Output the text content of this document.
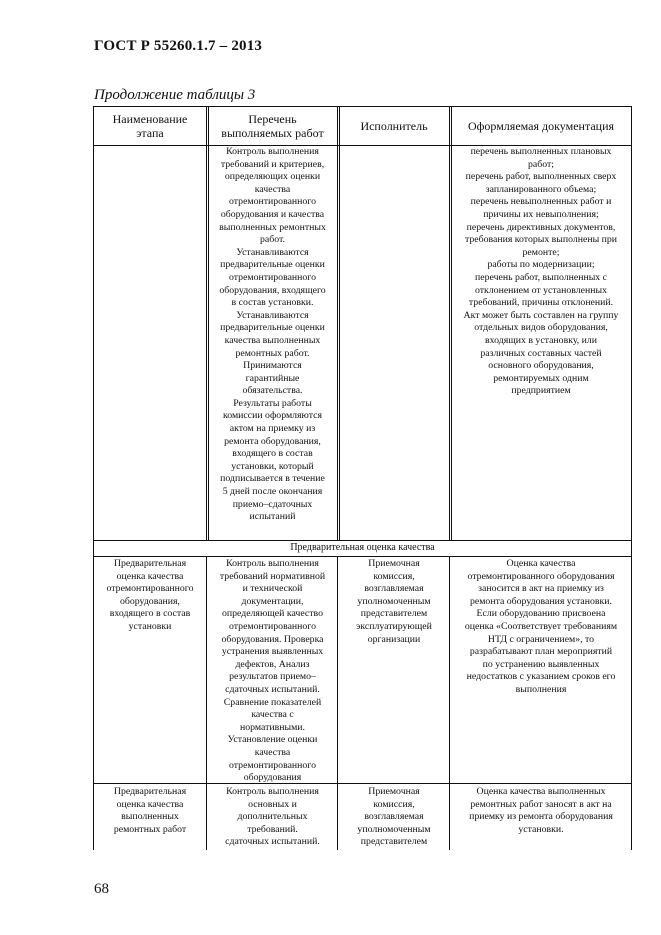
ГОСТ Р 55260.1.7 – 2013
Продолжение таблицы 3
Наименование
этапа
Перечень
выполняемых работ	Исполнитель	Оформляемая документация
Контроль выполнения
требований и критериев,
определяющих оценки
качества
отремонтированного
оборудования и качества
выполненных ремонтных
работ.
Устанавливаются
предварительные оценки
отремонтированного
оборудования, входящего
в состав установки.
Устанавливаются
предварительные оценки
качества выполненных
ремонтных работ.
Принимаются
гарантийные
обязательства.
Результаты работы
комиссии оформляются
актом на приемку из
ремонта оборудования,
входящего в состав
установки, который
подписывается в течение
5 дней после окончания
приемо–сдаточных
испытаний
перечень выполненных плановых
работ;
перечень работ, выполненных сверх
запланированного объема;
перечень невыполненных работ и
причины их невыполнения;
перечень директивных документов,
требования которых выполнены при
ремонте;
работы по модернизации;
перечень работ, выполненных с
отклонением от установленных
требований, причины отклонений.
Акт может быть составлен на группу
отдельных видов оборудования,
входящих в установку, или
различных составных частей
основного оборудования,
ремонтируемых одним
предприятием
Предварительная оценка качества
Предварительная
оценка качества
отремонтированного
оборудования,
входящего в состав
установки
Контроль выполнения
требований нормативной
и технической
документации,
определяющей качество
отремонтированного
оборудования. Проверка
устранения выявленных
дефектов, Анализ
результатов приемо–
сдаточных испытаний.
Сравнение показателей
качества с
нормативными.
Установление оценки
качества
отремонтированного
оборудования
Приемочная
комиссия,
возглавляемая
уполномоченным
представителем
эксплуатирующей
организации
Оценка качества
отремонтированного оборудования
заносится в акт на приемку из
ремонта оборудования установки.
Если оборудованию присвоена
оценка «Соответствует требованиям
НТД с ограничением», то
разрабатывают план мероприятий
по устранению выявленных
недостатков с указанием сроков его
выполнения
Предварительная
оценка качества
выполненных
ремонтных работ
Контроль выполнения
основных и
дополнительных
требований.
сдаточных испытаний.
Приемочная
комиссия,
возглавляемая
уполномоченным
представителем
Оценка качества выполненных
ремонтных работ заносят в акт на
приемку из ремонта оборудования
установки.
68
